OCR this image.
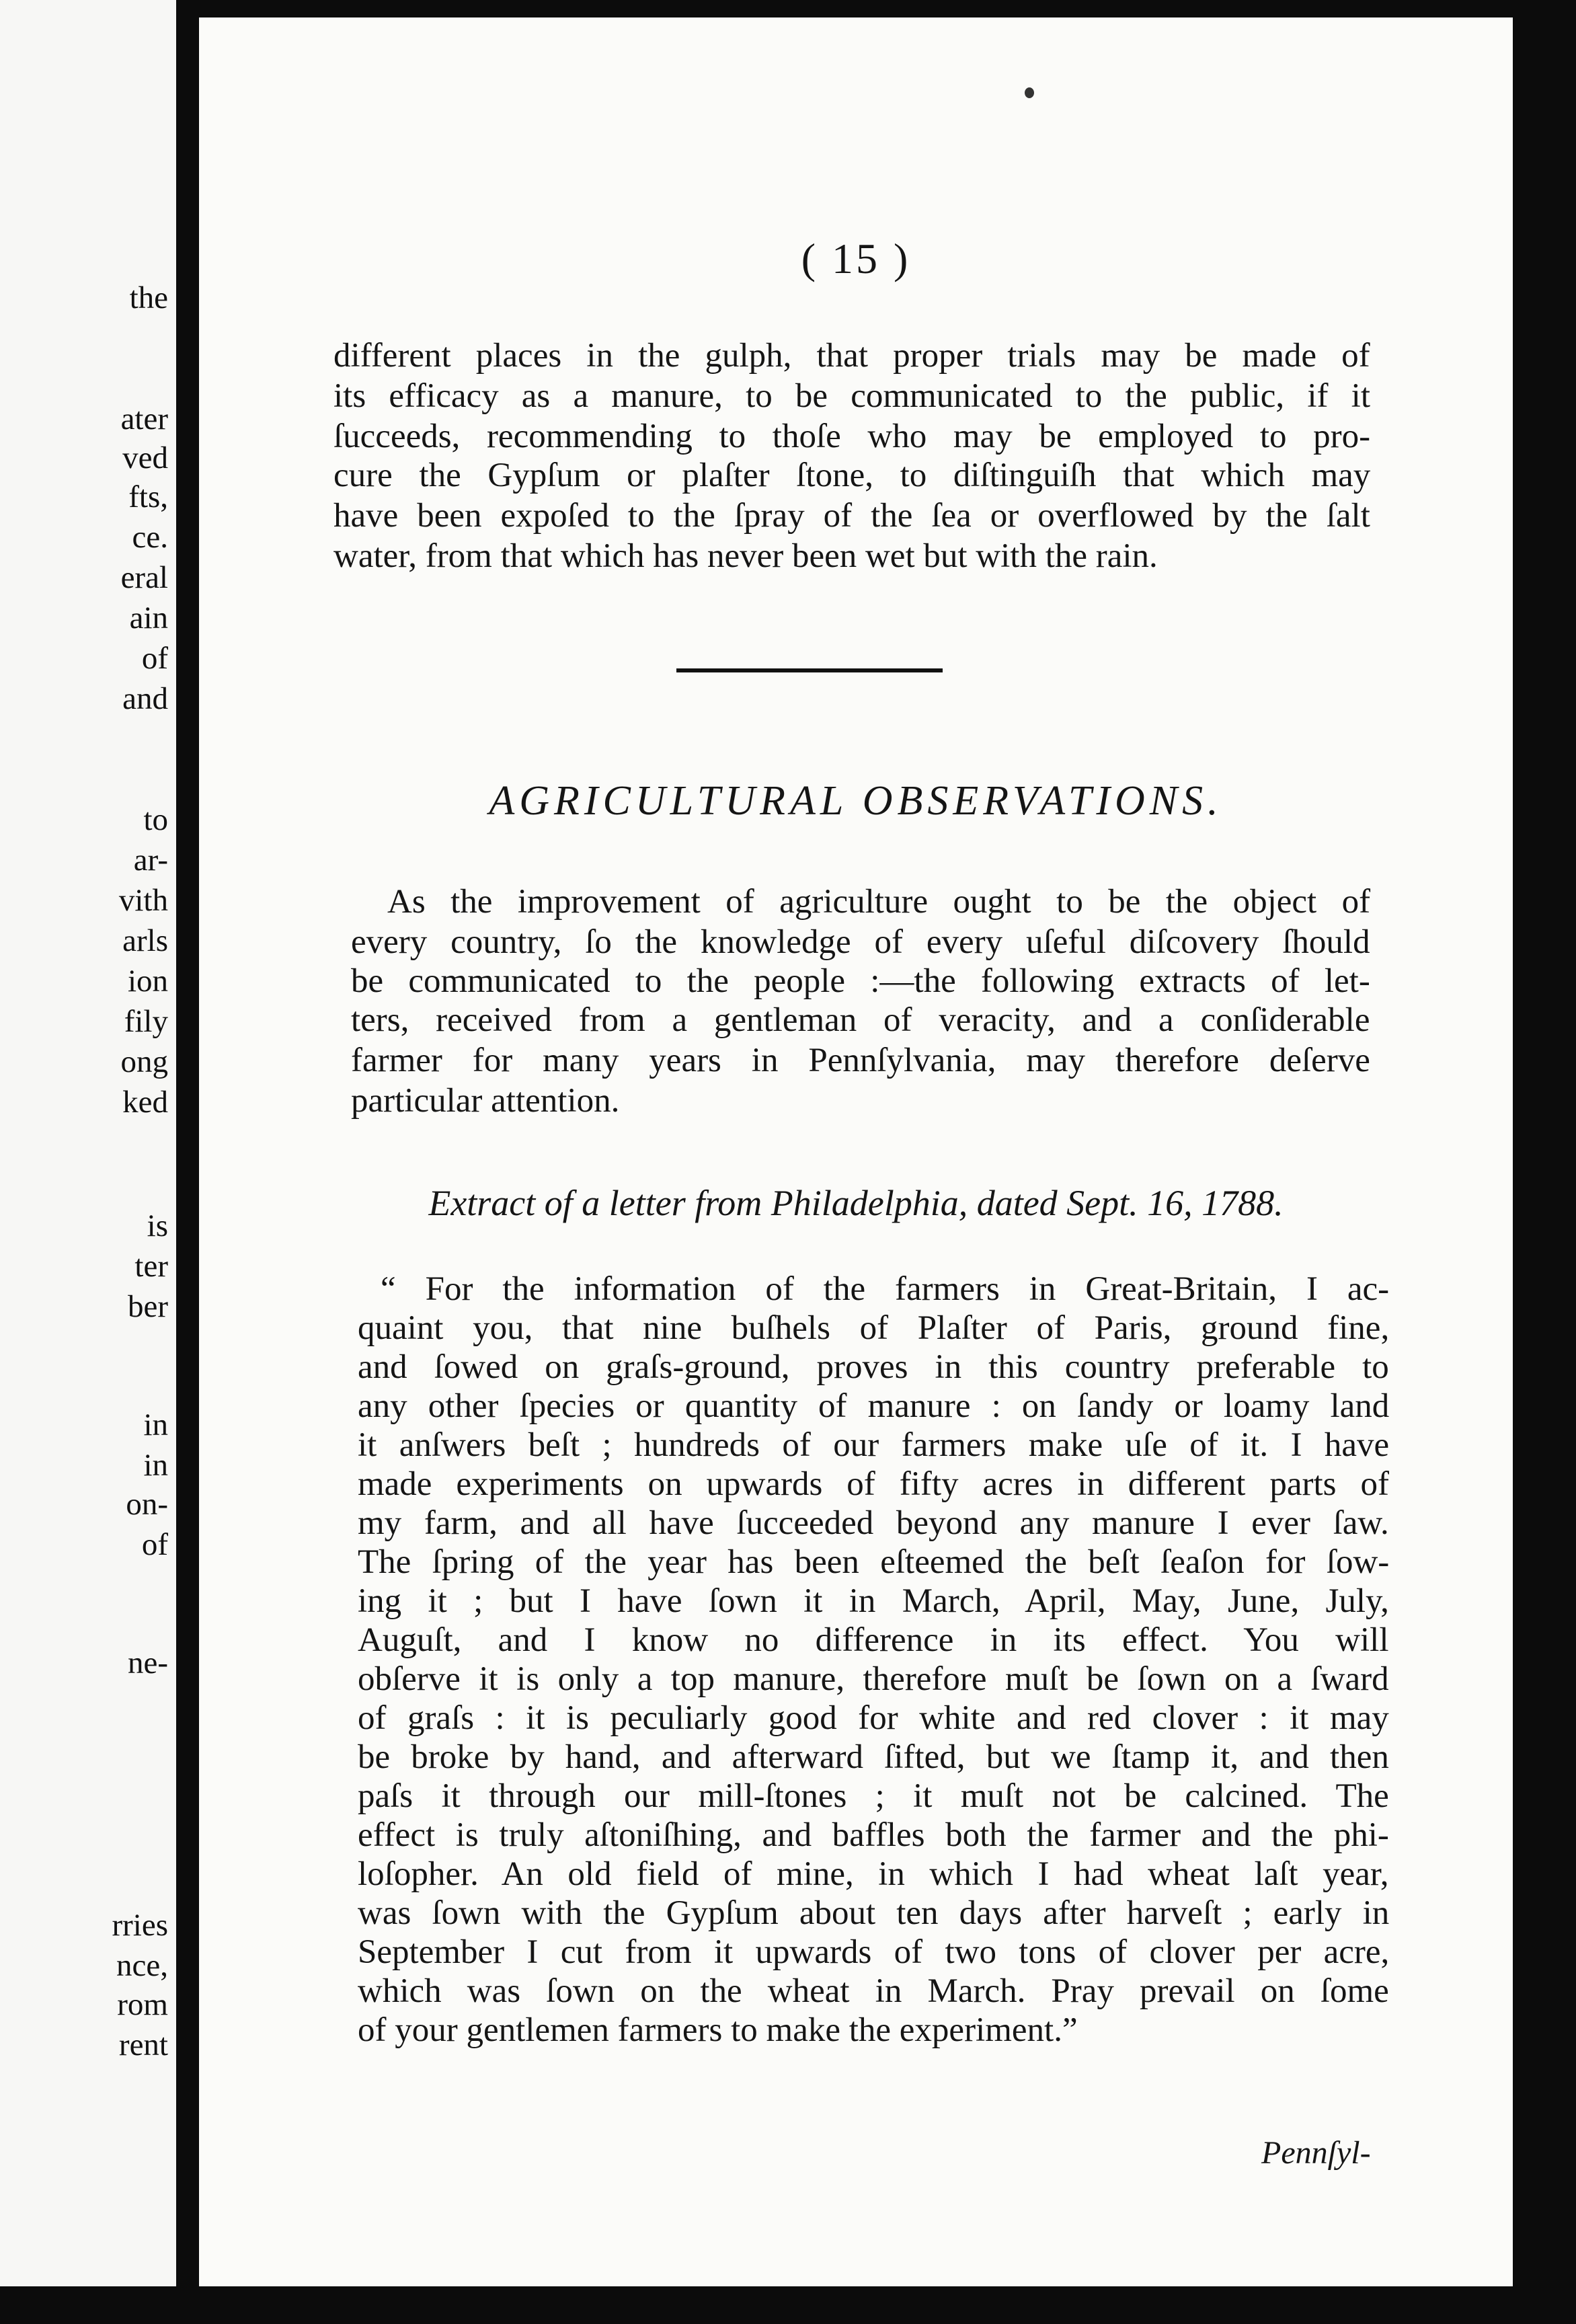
the
ater
ved
fts,
ce.
eral
ain
of
and
to
ar-
vith
arls
ion
fily
ong
ked
is
ter
ber
in
in
on-
of
ne-
rries
nce,
rom
rent
( 15 )
different places in the gulph, that proper trials may be made of
its efficacy as a manure, to be communicated to the public, if it
ſucceeds, recommending to thoſe who may be employed to pro-
cure the Gypſum or plaſter ſtone, to diſtinguiſh that which may
have been expoſed to the ſpray of the ſea or overflowed by the ſalt
water, from that which has never been wet but with the rain.
AGRICULTURAL OBSERVATIONS.
As the improvement of agriculture ought to be the object of
every country, ſo the knowledge of every uſeful diſcovery ſhould
be communicated to the people :—the following extracts of let-
ters, received from a gentleman of veracity, and a conſiderable
farmer for many years in Pennſylvania, may therefore deſerve
particular attention.
Extract of a letter from Philadelphia, dated Sept. 16, 1788.
“ For the information of the farmers in Great-Britain, I ac-
quaint you, that nine buſhels of Plaſter of Paris, ground fine,
and ſowed on graſs-ground, proves in this country preferable to
any other ſpecies or quantity of manure : on ſandy or loamy land
it anſwers beſt ; hundreds of our farmers make uſe of it. I have
made experiments on upwards of fifty acres in different parts of
my farm, and all have ſucceeded beyond any manure I ever ſaw.
The ſpring of the year has been eſteemed the beſt ſeaſon for ſow-
ing it ; but I have ſown it in March, April, May, June, July,
Auguſt, and I know no difference in its effect. You will
obſerve it is only a top manure, therefore muſt be ſown on a ſward
of graſs : it is peculiarly good for white and red clover : it may
be broke by hand, and afterward ſifted, but we ſtamp it, and then
paſs it through our mill-ſtones ; it muſt not be calcined. The
effect is truly aſtoniſhing, and baffles both the farmer and the phi-
loſopher. An old field of mine, in which I had wheat laſt year,
was ſown with the Gypſum about ten days after harveſt ; early in
September I cut from it upwards of two tons of clover per acre,
which was ſown on the wheat in March. Pray prevail on ſome
of your gentlemen farmers to make the experiment.”
Pennſyl-
